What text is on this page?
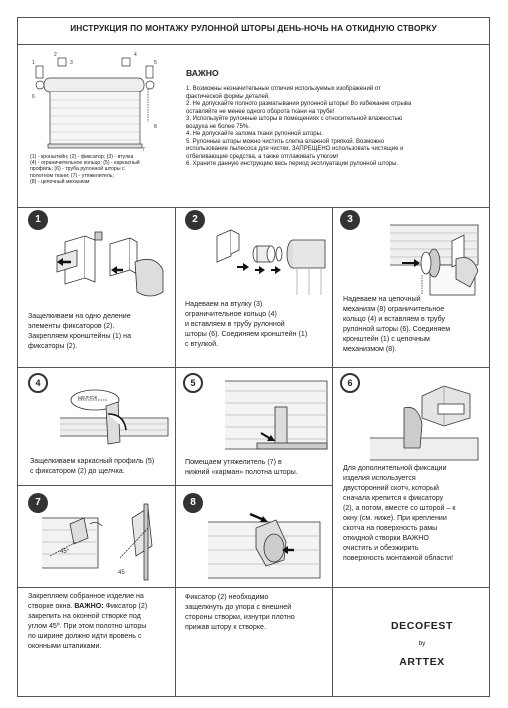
ИНСТРУКЦИЯ ПО МОНТАЖУ РУЛОННОЙ ШТОРЫ ДЕНЬ-НОЧЬ НА ОТКИДНУЮ СТВОРКУ
1
2
3
4
5
6
8
7
(1) - кронштейн; (2) - фиксатор; (3) - втулка
(4) - ограничительное кольцо; (5) - каркасный
профиль; (6) - труба рулонной шторы с
полотном ткани; (7) - утяжелитель;
(8) - цепочный механизм
ВАЖНО
1. Возможны незначительные отличия используемых изображений от
фактической формы деталей.
2. Не допускайте полного разматывания рулонной шторы! Во избежание отрыва
оставляйте не менее одного оборота ткани на трубе!
3. Используйте рулонные шторы в помещениях с относительной влажностью
воздуха не более 75%.
4. Не допускайте залома ткани рулонной шторы.
5. Рулонные шторы можно чистить слегка влажной тряпкой. Возможно
использование пылесоса для чистки. ЗАПРЕЩЕНО использовать чистящие и
отбеливающие средства, а также отглаживать утюгом!
6. Храните данную инструкцию весь период эксплуатации рулонной шторы.
1
Защелкиваем на одно деление
элементы фиксаторов (2).
Закрепляем кронштейны (1) на
фиксаторы (2).
2
Надеваем на втулку (3)
ограничительное кольцо (4)
и вставляем в трубу рулонной
шторы (6). Соединяем кронштейн (1)
с втулкой.
3
Надеваем на цепочный
механизм (8) ограничительное
кольцо (4) и вставляем в трубу
рулонной шторы (6). Соединяем
кронштейн (1) с цепочным
механизмом (8).
4
ЩЕЛЧОК
Защелкиваем каркасный профиль (5)
с фиксатором (2) до щелчка.
5
Помещаем утяжелитель (7) в
нижний «карман» полотна шторы.
6
Для дополнительной фиксации
изделия используется
двусторонний скотч, который
сначала крепится к фиксатору
(2), а потом, вместе со шторой – к
окну (см. ниже). При креплении
скотча на поверхность рамы
откидной створки ВАЖНО
очистить и обезжирить
поверхность монтажной области!
7
45°
45
Закрепляем собранное изделие на
створке окна. ВАЖНО: Фиксатор (2)
закрепить на оконной створке под
углом 45º. При этом полотно шторы
по ширине должно идти вровень с
оконными штапиками.
8
Фиксатор (2) необходимо
защелкнуть до упора с внешней
стороны створки, изнутри плотно
прижав штору к створке.	DECOFEST
by
ARTTEX
